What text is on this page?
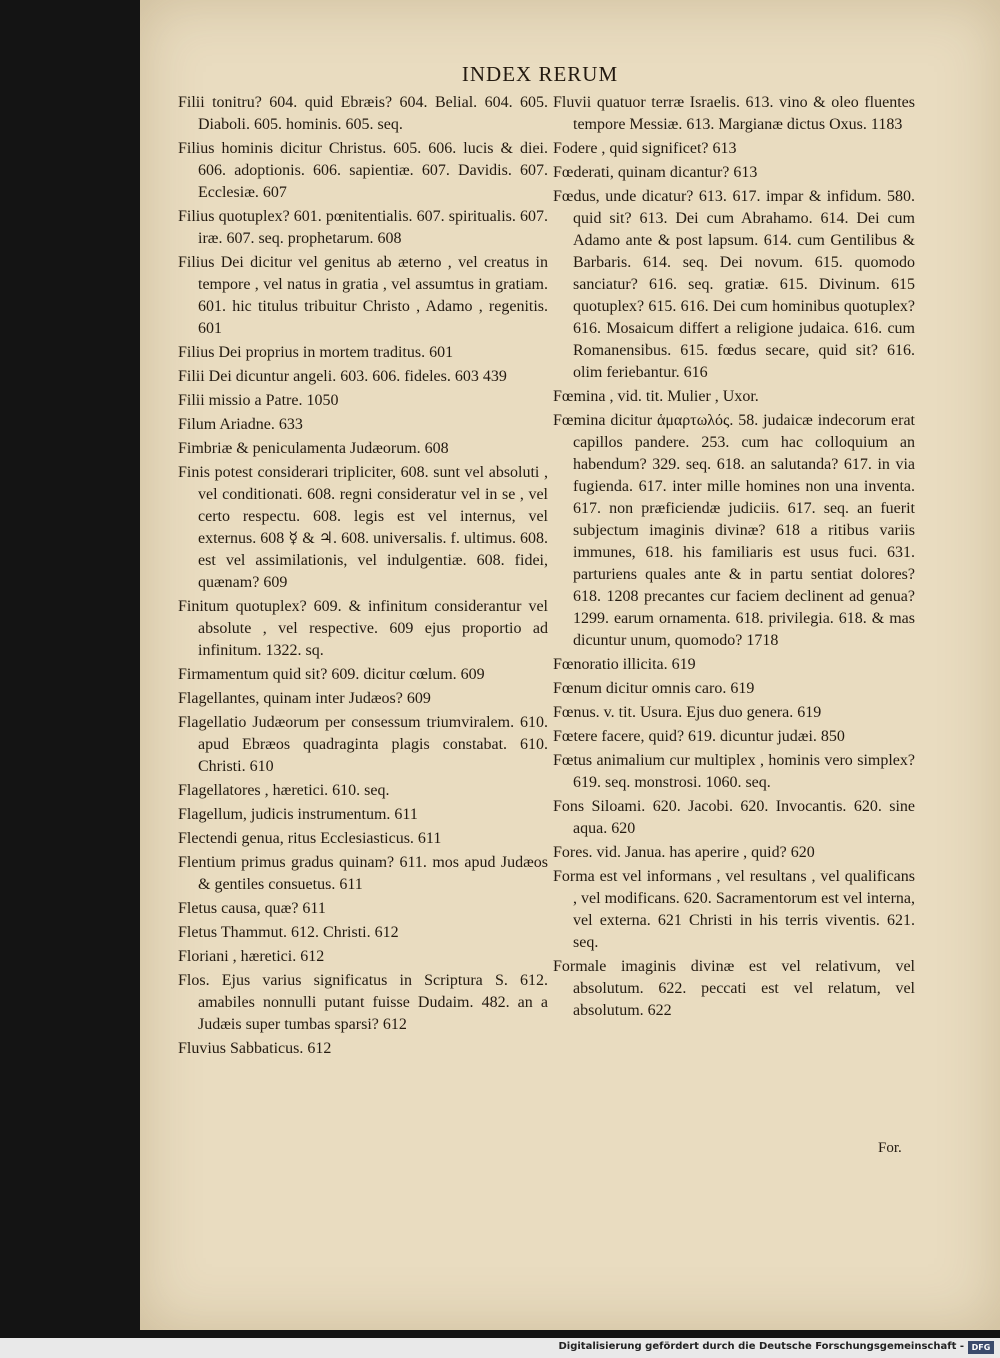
INDEX RERUM

Filii tonitru? 604. quid Ebræis? 604. Belial. 604. 605. Diaboli. 605. hominis. 605. seq.

Filius hominis dicitur Christus. 605. 606. lucis & diei. 606. adoptionis. 606. sapientiæ. 607. Davidis. 607. Ecclesiæ. 607

Filius quotuplex? 601. pœnitentialis. 607. spiritualis. 607. iræ. 607. seq. prophetarum. 608

Filius Dei dicitur vel genitus ab æterno , vel creatus in tempore , vel natus in gratia , vel assumtus in gratiam. 601. hic titulus tribuitur Christo , Adamo , regenitis. 601

Filius Dei proprius in mortem traditus. 601

Filii Dei dicuntur angeli. 603. 606. fideles. 603 439

Filii missio a Patre. 1050

Filum Ariadne. 633

Fimbriæ & peniculamenta Judæorum. 608

Finis potest considerari tripliciter, 608. sunt vel absoluti , vel conditionati. 608. regni consideratur vel in se , vel certo respectu. 608. legis est vel internus, vel externus. 608 ☿ & ♃. 608. universalis. f. ultimus. 608. est vel assimilationis, vel indulgentiæ. 608. fidei, quænam? 609

Finitum quotuplex? 609. & infinitum considerantur vel absolute , vel respective. 609 ejus proportio ad infinitum. 1322. sq.

Firmamentum quid sit? 609. dicitur cœlum. 609

Flagellantes, quinam inter Judæos? 609

Flagellatio Judæorum per consessum triumviralem. 610. apud Ebræos quadraginta plagis constabat. 610. Christi. 610

Flagellatores , hæretici. 610. seq.

Flagellum, judicis instrumentum. 611

Flectendi genua, ritus Ecclesiasticus. 611

Flentium primus gradus quinam? 611. mos apud Judæos & gentiles consuetus. 611

Fletus causa, quæ? 611

Fletus Thammut. 612. Christi. 612

Floriani , hæretici. 612

Flos. Ejus varius significatus in Scriptura S. 612. amabiles nonnulli putant fuisse Dudaim. 482. an a Judæis super tumbas sparsi? 612

Fluvius Sabbaticus. 612

Fluvii quatuor terræ Israelis. 613. vino & oleo fluentes tempore Messiæ. 613. Margianæ dictus Oxus. 1183

Fodere , quid significet? 613

Fœderati, quinam dicantur? 613

Fœdus, unde dicatur? 613. 617. impar & infidum. 580. quid sit? 613. Dei cum Abrahamo. 614. Dei cum Adamo ante & post lapsum. 614. cum Gentilibus & Barbaris. 614. seq. Dei novum. 615. quomodo sanciatur? 616. seq. gratiæ. 615. Divinum. 615 quotuplex? 615. 616. Dei cum hominibus quotuplex? 616. Mosaicum differt a religione judaica. 616. cum Romanensibus. 615. fœdus secare, quid sit? 616. olim feriebantur. 616

Fœmina , vid. tit. Mulier , Uxor.

Fœmina dicitur ἁμαρτωλός. 58. judaicæ indecorum erat capillos pandere. 253. cum hac colloquium an habendum? 329. seq. 618. an salutanda? 617. in via fugienda. 617. inter mille homines non una inventa. 617. non præficiendæ judiciis. 617. seq. an fuerit subjectum imaginis divinæ? 618 a ritibus variis immunes, 618. his familiaris est usus fuci. 631. parturiens quales ante & in partu sentiat dolores? 618. 1208 precantes cur faciem declinent ad genua? 1299. earum ornamenta. 618. privilegia. 618. & mas dicuntur unum, quomodo? 1718

Fœnoratio illicita. 619

Fœnum dicitur omnis caro. 619

Fœnus. v. tit. Usura. Ejus duo genera. 619

Fœtere facere, quid? 619. dicuntur judæi. 850

Fœtus animalium cur multiplex , hominis vero simplex? 619. seq. monstrosi. 1060. seq.

Fons Siloami. 620. Jacobi. 620. Invocantis. 620. sine aqua. 620

Fores. vid. Janua. has aperire , quid? 620

Forma est vel informans , vel resultans , vel qualificans , vel modificans. 620. Sacramentorum est vel interna, vel externa. 621 Christi in his terris viventis. 621. seq.

Formale imaginis divinæ est vel relativum, vel absolutum. 622. peccati est vel relatum, vel absolutum. 622

For.
Digitalisierung gefördert durch die Deutsche Forschungsgemeinschaft - DFG
